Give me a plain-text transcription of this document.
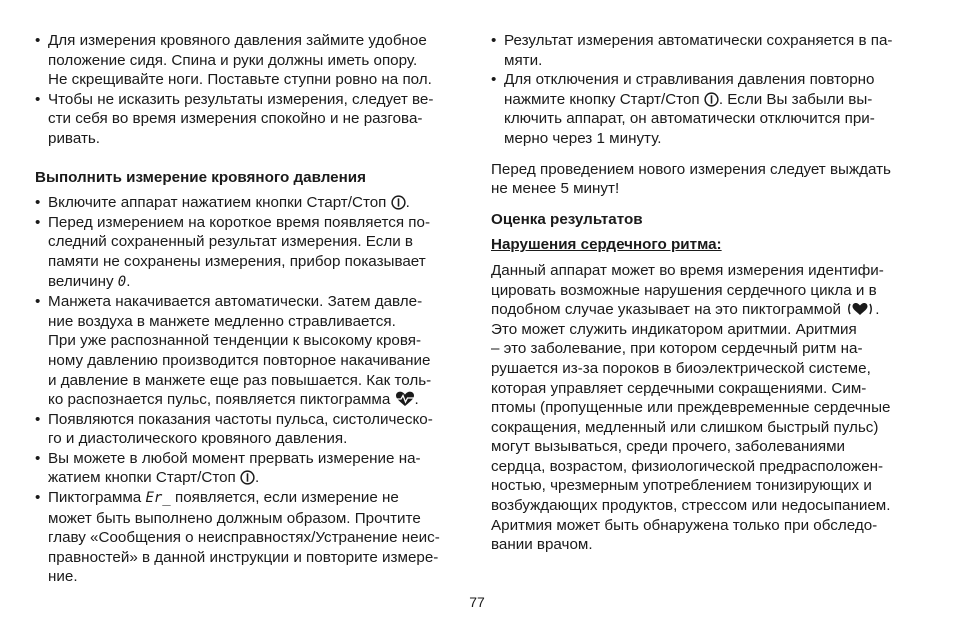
• Для измерения кровяного давления займите удобное
положение сидя. Спина и руки должны иметь опору.
Не скрещивайте ноги. Поставьте ступни ровно на пол.
• Чтобы не исказить результаты измерения, следует ве-
сти себя во время измерения спокойно и не разгова-
ривать.

Выполнить измерение кровяного давления

• Включите аппарат нажатием кнопки Старт/Стоп .
• Перед измерением на короткое время появляется по-
следний сохраненный результат измерения. Если в
памяти не сохранены измерения, прибор показывает
величину 0.
• Манжета накачивается автоматически. Затем давле-
ние воздуха в манжете медленно стравливается.
При уже распознанной тенденции к высокому кровя-
ному давлению производится повторное накачивание
и давление в манжете еще раз повышается. Как толь-
ко распознается пульс, появляется пиктограмма .
• Появляются показания частоты пульса, систолическо-
го и диастолического кровяного давления.
• Вы можете в любой момент прервать измерение на-
жатием кнопки Старт/Стоп .
• Пиктограмма Er_ появляется, если измерение не
может быть выполнено должным образом. Прочтите
главу «Сообщения о неисправностях/Устранение неис-
правностей» в данной инструкции и повторите измере-
ние.
• Результат измерения автоматически сохраняется в па-
мяти.
• Для отключения и стравливания давления повторно
нажмите кнопку Старт/Стоп . Если Вы забыли вы-
ключить аппарат, он автоматически отключится при-
мерно через 1 минуту.

Перед проведением нового измерения следует выждать
не менее 5 минут!

Оценка результатов

Нарушения сердечного ритма:

Данный аппарат может во время измерения идентифи-
цировать возможные нарушения сердечного цикла и в
подобном случае указывает на это пиктограммой .
Это может служить индикатором аритмии. Аритмия
– это заболевание, при котором сердечный ритм на-
рушается из-за пороков в биоэлектрической системе,
которая управляет сердечными сокращениями. Сим-
птомы (пропущенные или преждевременные сердечные
сокращения, медленный или слишком быстрый пульс)
могут вызываться, среди прочего, заболеваниями
сердца, возрастом, физиологической предрасположен-
ностью, чрезмерным употреблением тонизирующих и
возбуждающих продуктов, стрессом или недосыпанием.
Аритмия может быть обнаружена только при обследо-
вании врачом.

77
